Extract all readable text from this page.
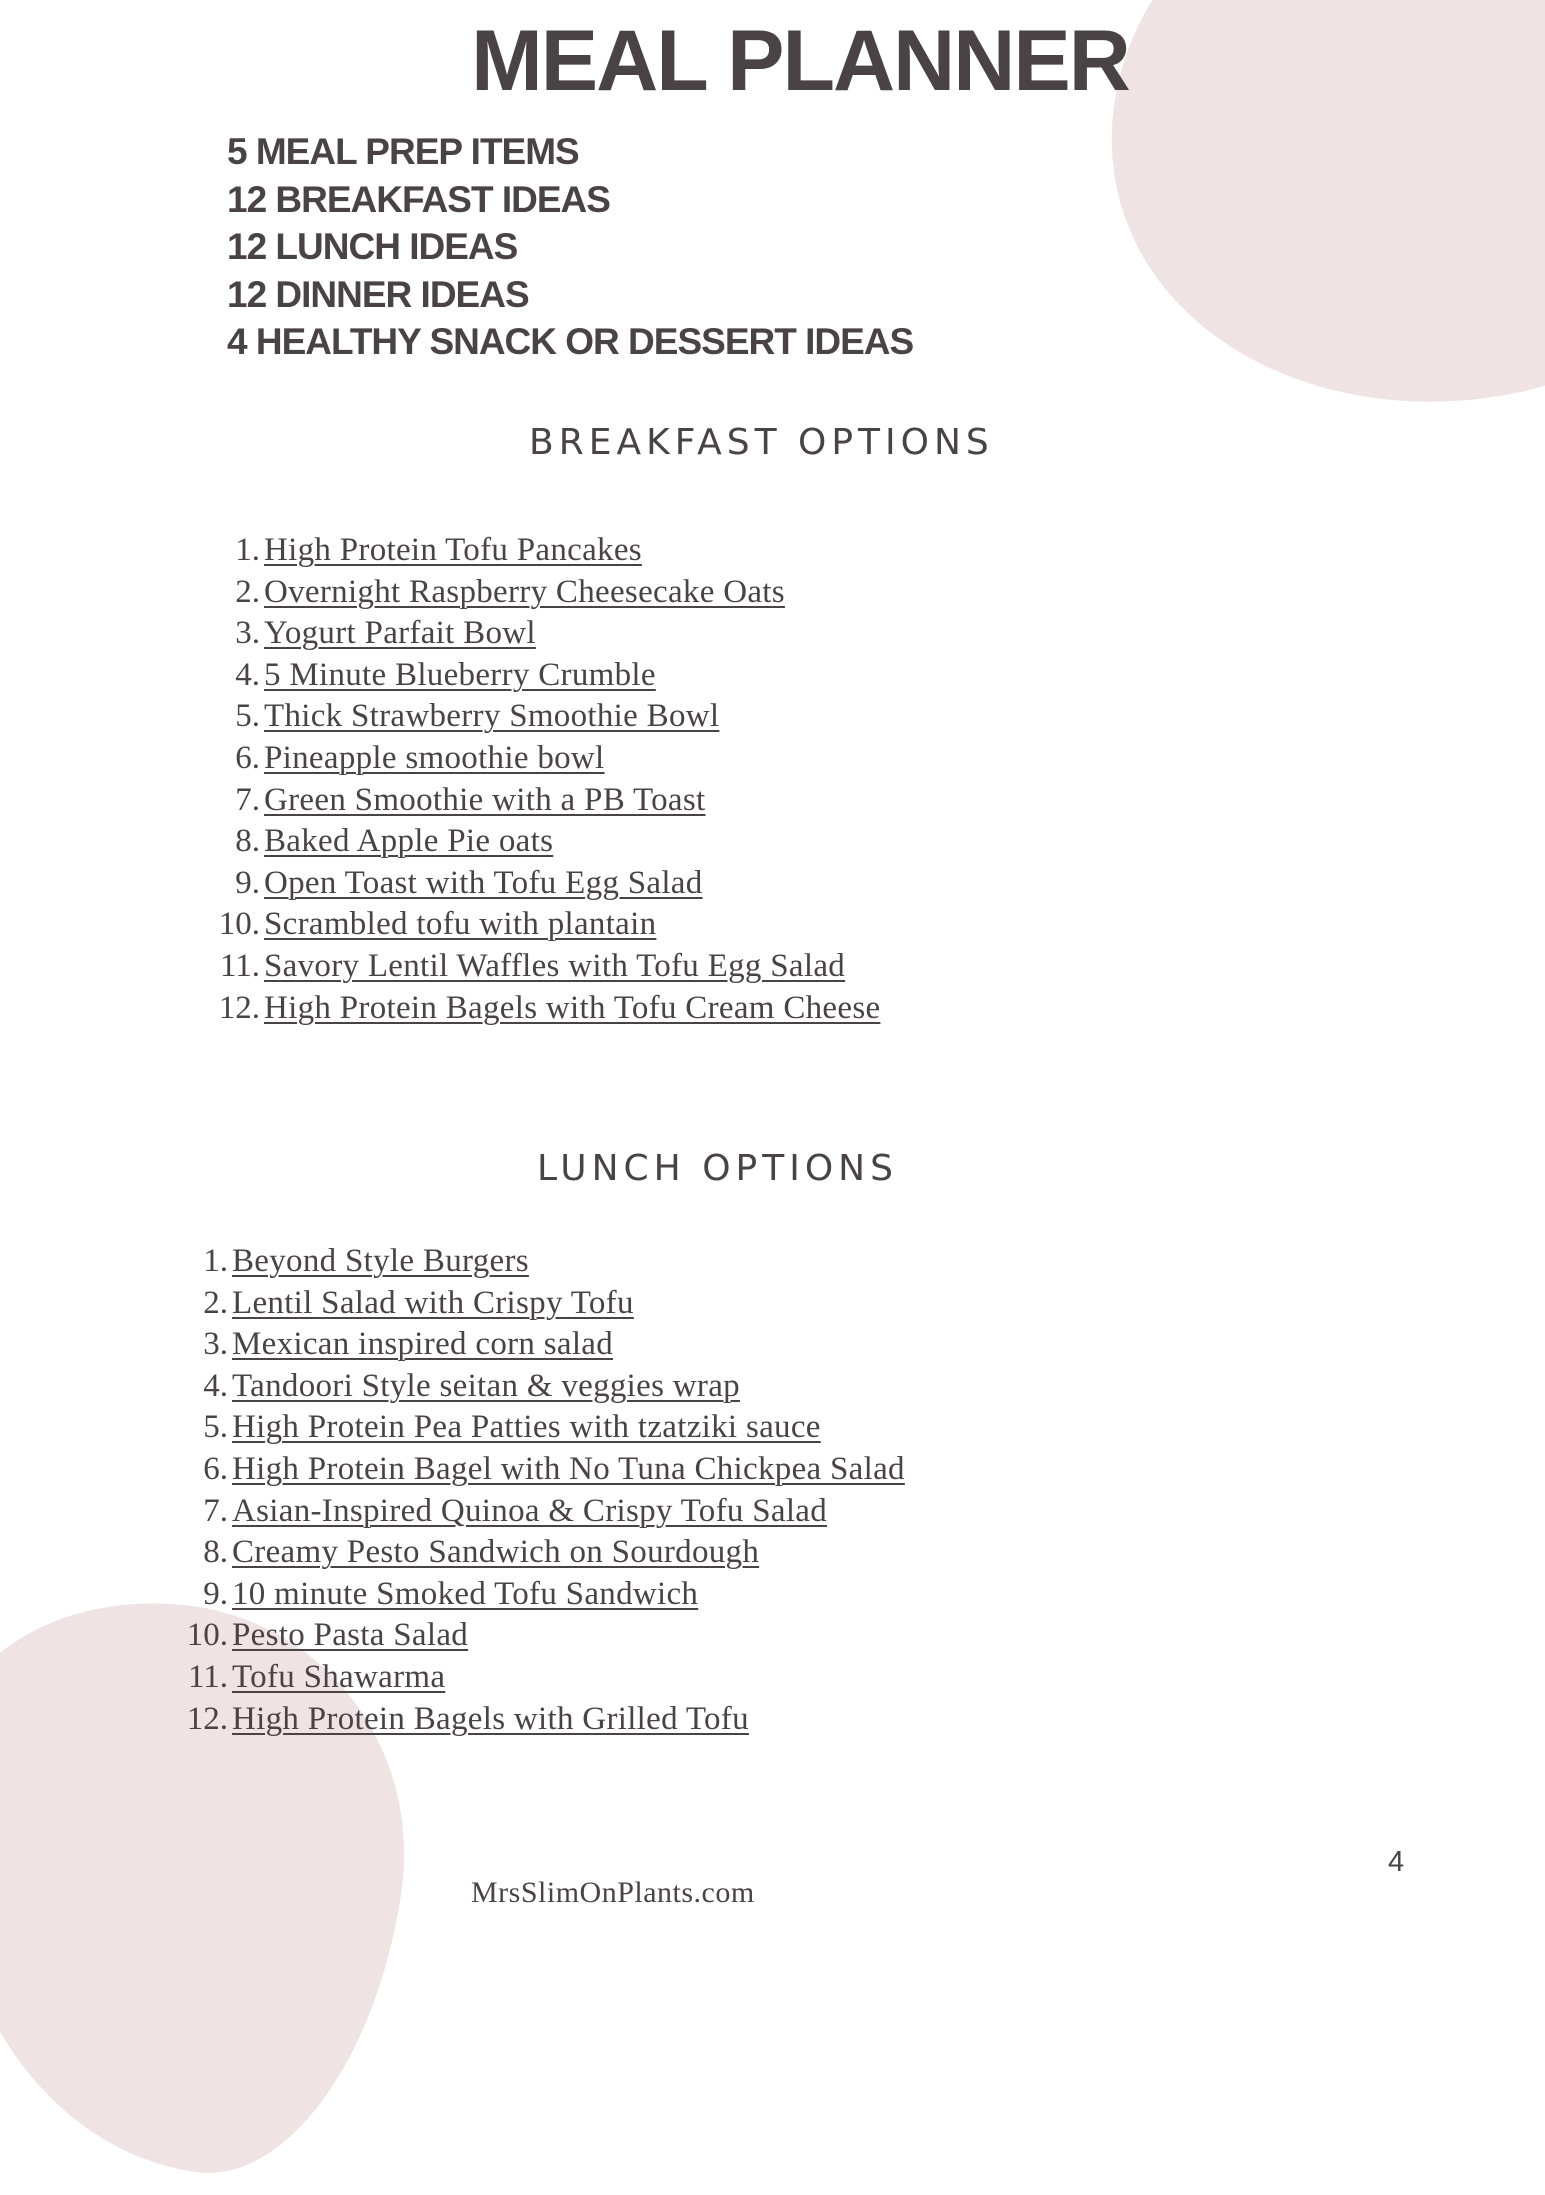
MEAL PLANNER
5 MEAL PREP ITEMS
12 BREAKFAST IDEAS
12 LUNCH IDEAS
12 DINNER IDEAS
4 HEALTHY SNACK OR DESSERT IDEAS
BREAKFAST OPTIONS
1. High Protein Tofu Pancakes
2. Overnight Raspberry Cheesecake Oats
3. Yogurt Parfait Bowl
4. 5 Minute Blueberry Crumble
5. Thick Strawberry Smoothie Bowl
6. Pineapple smoothie bowl
7. Green Smoothie with a PB Toast
8. Baked Apple Pie oats
9. Open Toast with Tofu Egg Salad
10. Scrambled tofu with plantain
11. Savory Lentil Waffles with Tofu Egg Salad
12. High Protein Bagels with Tofu Cream Cheese
LUNCH OPTIONS
1. Beyond Style Burgers
2. Lentil Salad with Crispy Tofu
3. Mexican inspired corn salad
4. Tandoori Style seitan & veggies wrap
5. High Protein Pea Patties with tzatziki sauce
6. High Protein Bagel with No Tuna Chickpea Salad
7. Asian-Inspired Quinoa & Crispy Tofu Salad
8. Creamy Pesto Sandwich on Sourdough
9. 10 minute Smoked Tofu Sandwich
10. Pesto Pasta Salad
11. Tofu Shawarma
12. High Protein Bagels with Grilled Tofu
4
MrsSlimOnPlants.com
